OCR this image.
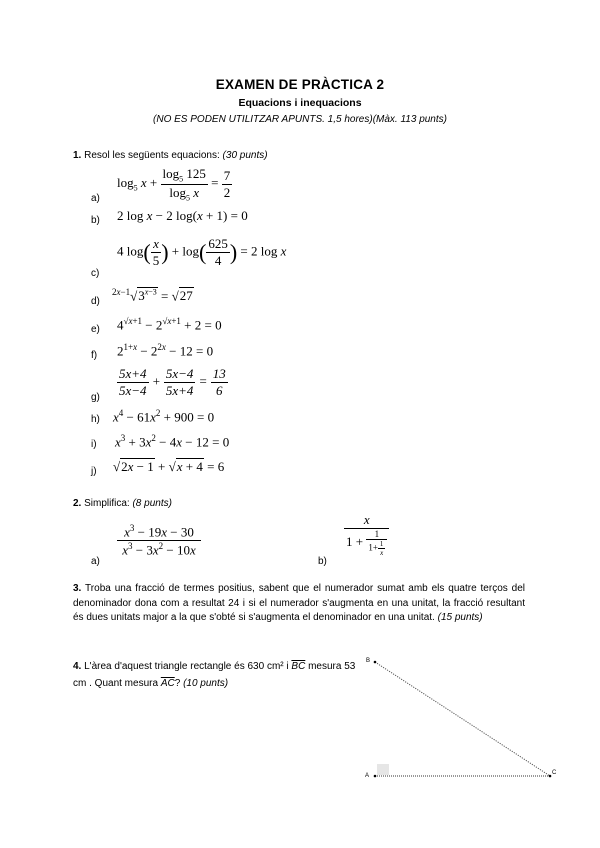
EXAMEN DE PRÀCTICA 2
Equacions i inequacions
(NO ES PODEN UTILITZAR APUNTS. 1,5 hores)(Màx. 113 punts)
1. Resol les següents equacions: (30 punts)
a)
$\log_5 x + \frac{\log_5 125}{\log_5 x} = \frac{7}{2}$
b) 2 log x − 2 log(x + 1) = 0
c)
4 $\log( \frac{x}{5}$ ) + $\log( \frac{625}{4}$ ) = 2 log x
d)
$^{2x-1}√3^{x-3} = √27$
e) $4^{√x+1} - 2^{√x+1} + 2 = 0$
f) $2^{1+x} - 2^{2x} - 12 = 0$
$g) \frac{5x+4}{5x-4} + \frac{5x-4}{5x+4} = \frac{13}{6}$
h) $x^4 - 61x^2 + 900 = 0$
i) $x^3 + 3x^2 - 4x - 12 = 0$
j) √2x − 1 + √x + 4 = 6
2. Simplifica: (8 punts)
a)
$\frac{x^3 - 19x - 30}{x^3 - 3x^2 - 10x}$
b)
$\frac{x}{1 + \frac{1}{1+ \frac{1}{x}}}$
3. Troba una fracció de termes positius, sabent que el numerador sumat amb els quatre terços del denominador dona com a resultat 24 i si el numerador s'augmenta en una unitat, la fracció resultant és dues unitats major a la que s'obté si s'augmenta el denominador en una unitat. (15 punts)
4. L'àrea d'aquest triangle rectangle és 630 cm² i $\overline{BC}$ mesura 53 cm . Quant mesura $\overline{AC}$? (10 punts)
B
A	C
